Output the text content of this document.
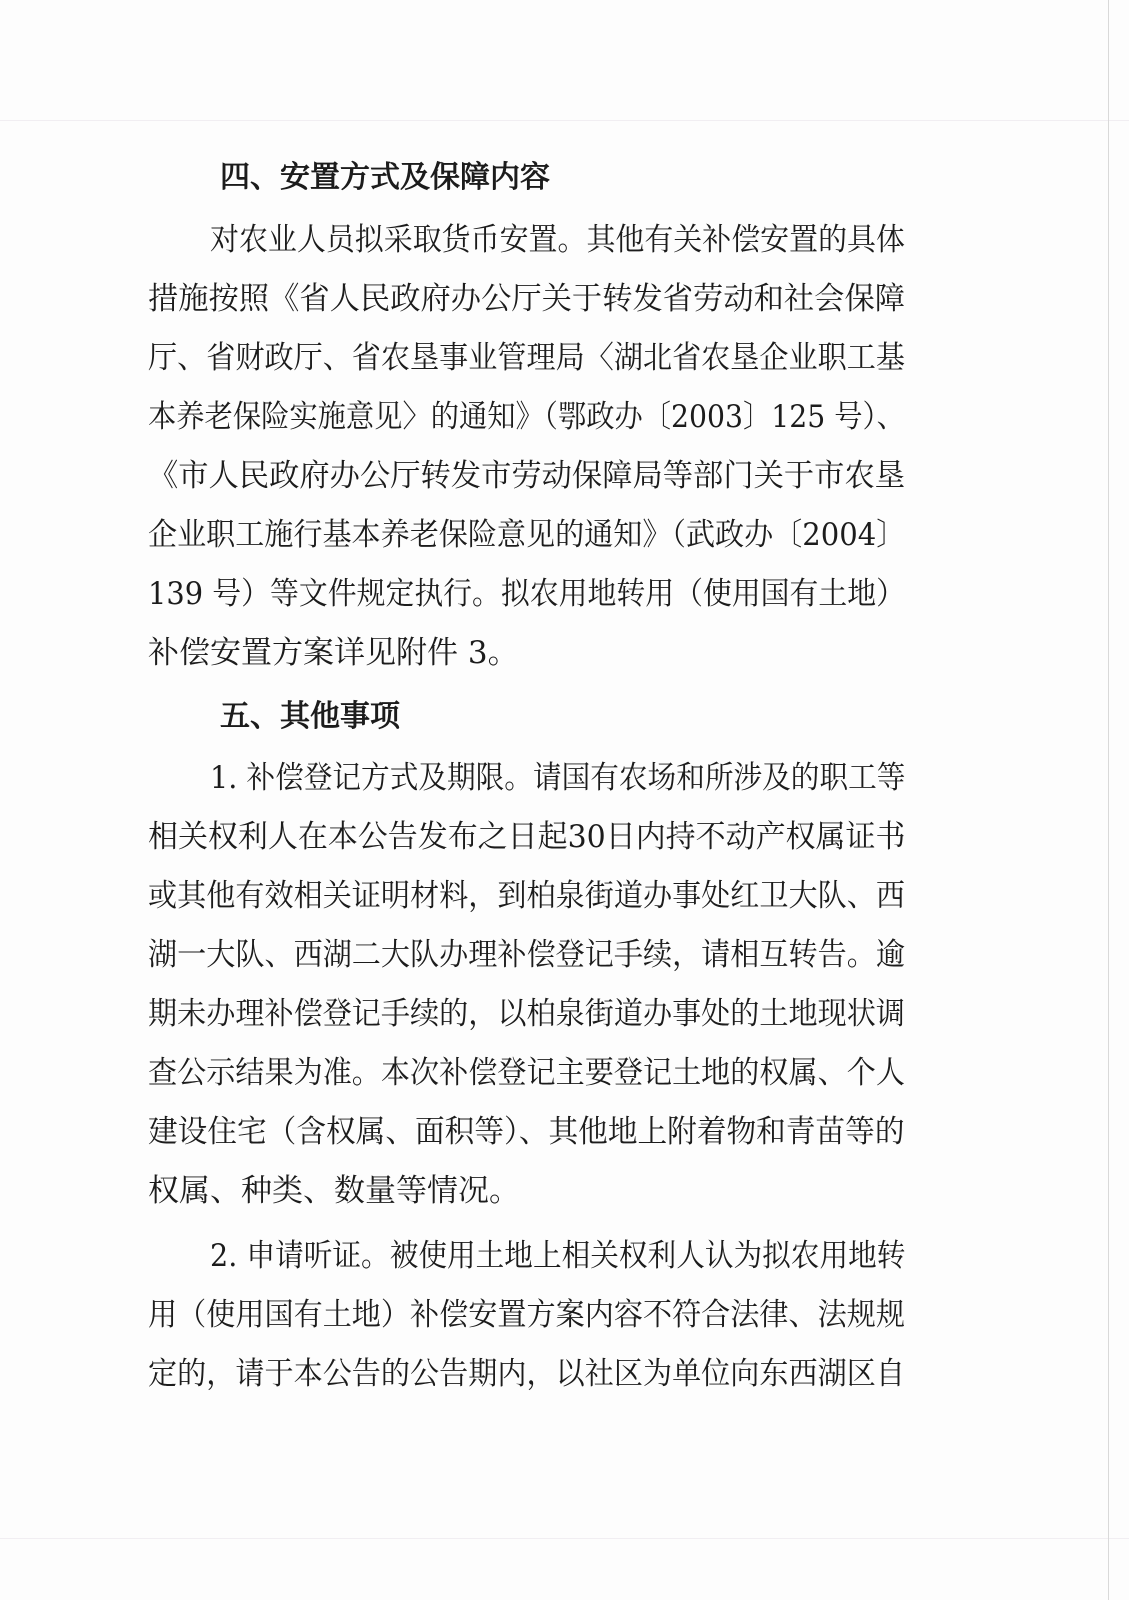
四、安置方式及保障内容
对农业人员拟采取货币安置。其他有关补偿安置的具体
措施按照《省人民政府办公厅关于转发省劳动和社会保障
厅、省财政厅、省农垦事业管理局〈湖北省农垦企业职工基
本养老保险实施意见〉的通知》（鄂政办〔2003〕125 号）、
《市人民政府办公厅转发市劳动保障局等部门关于市农垦
企业职工施行基本养老保险意见的通知》（武政办〔2004〕
139 号）等文件规定执行。拟农用地转用（使用国有土地）
补偿安置方案详见附件 3。
五、其他事项
1. 补偿登记方式及期限。请国有农场和所涉及的职工等
相关权利人在本公告发布之日起30日内持不动产权属证书
或其他有效相关证明材料，到柏泉街道办事处红卫大队、西
湖一大队、西湖二大队办理补偿登记手续，请相互转告。逾
期未办理补偿登记手续的，以柏泉街道办事处的土地现状调
查公示结果为准。本次补偿登记主要登记土地的权属、个人
建设住宅（含权属、面积等）、其他地上附着物和青苗等的
权属、种类、数量等情况。
2. 申请听证。被使用土地上相关权利人认为拟农用地转
用（使用国有土地）补偿安置方案内容不符合法律、法规规
定的，请于本公告的公告期内，以社区为单位向东西湖区自
